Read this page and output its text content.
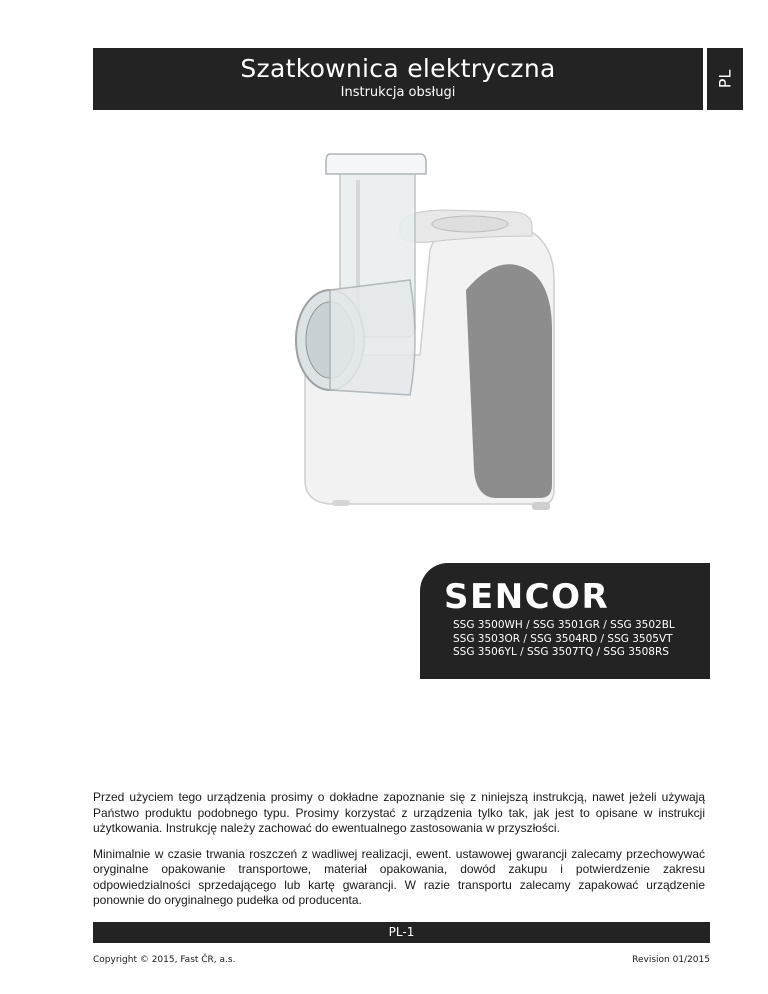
Szatkownica elektryczna
Instrukcja obsługi
PL
SENCOR
SSG 3500WH / SSG 3501GR / SSG 3502BL
SSG 3503OR / SSG 3504RD / SSG 3505VT
SSG 3506YL / SSG 3507TQ / SSG 3508RS

Przed użyciem tego urządzenia prosimy o dokładne zapoznanie się z niniejszą instrukcją, nawet jeżeli używają Państwo produktu podobnego typu. Prosimy korzystać z urządzenia tylko tak, jak jest to opisane w instrukcji użytkowania. Instrukcję należy zachować do ewentualnego zastosowania w przyszłości.

Minimalnie w czasie trwania roszczeń z wadliwej realizacji, ewent. ustawowej gwarancji zalecamy przechowywać oryginalne opakowanie transportowe, materiał opakowania, dowód zakupu i potwierdzenie zakresu odpowiedzialności sprzedającego lub kartę gwarancji. W razie transportu zalecamy zapakować urządzenie ponownie do oryginalnego pudełka od producenta.

PL-1
Copyright © 2015, Fast ČR, a.s.	Revision 01/2015
